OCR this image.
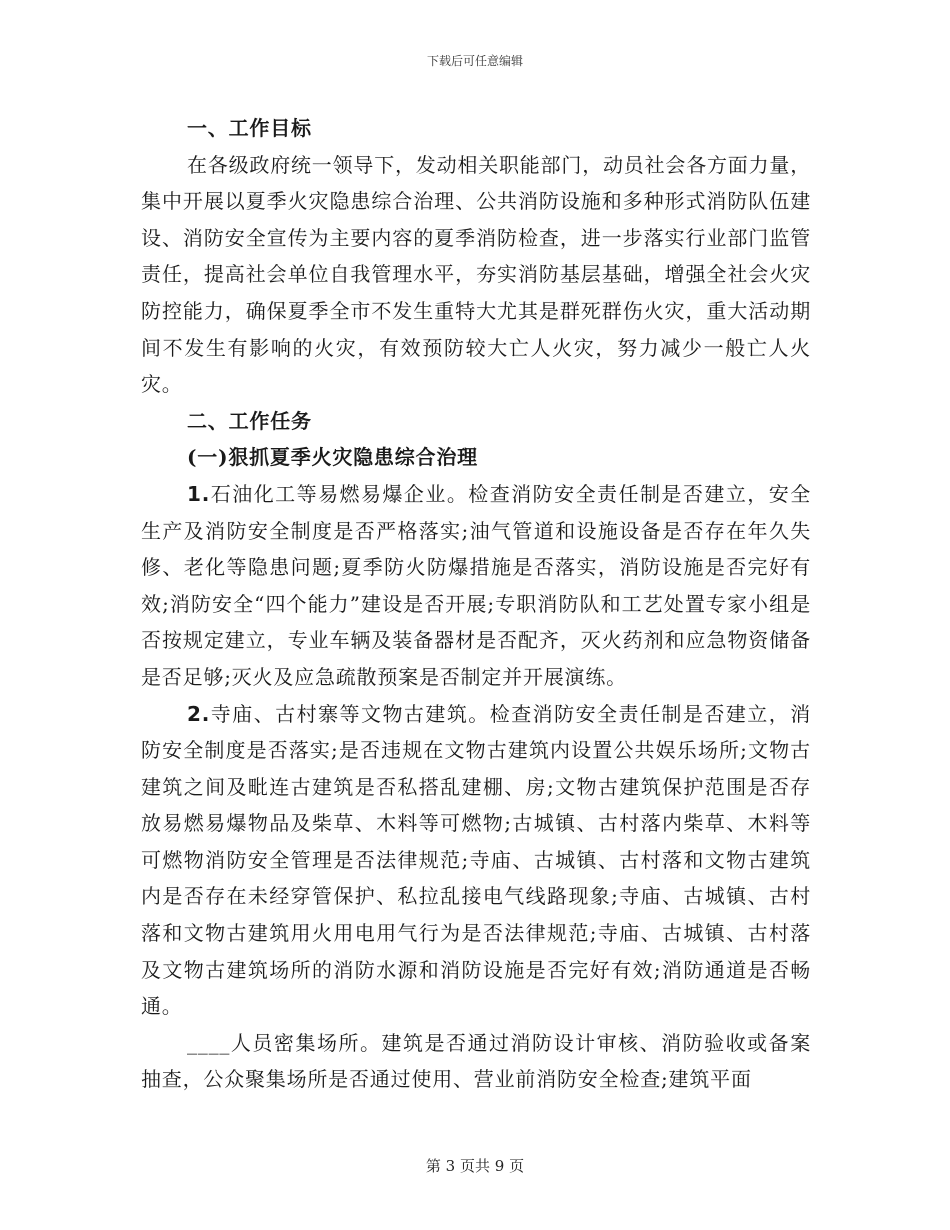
下载后可任意编辑

一、工作目标

在各级政府统一领导下，发动相关职能部门，动员社会各方面力量，集中开展以夏季火灾隐患综合治理、公共消防设施和多种形式消防队伍建设、消防安全宣传为主要内容的夏季消防检查，进一步落实行业部门监管责任，提高社会单位自我管理水平，夯实消防基层基础，增强全社会火灾防控能力，确保夏季全市不发生重特大尤其是群死群伤火灾，重大活动期间不发生有影响的火灾，有效预防较大亡人火灾，努力减少一般亡人火灾。

二、工作任务

(一)狠抓夏季火灾隐患综合治理

1.石油化工等易燃易爆企业。检查消防安全责任制是否建立，安全生产及消防安全制度是否严格落实;油气管道和设施设备是否存在年久失修、老化等隐患问题;夏季防火防爆措施是否落实，消防设施是否完好有效;消防安全“四个能力”建设是否开展;专职消防队和工艺处置专家小组是否按规定建立，专业车辆及装备器材是否配齐，灭火药剂和应急物资储备是否足够;灭火及应急疏散预案是否制定并开展演练。

2.寺庙、古村寨等文物古建筑。检查消防安全责任制是否建立，消防安全制度是否落实;是否违规在文物古建筑内设置公共娱乐场所;文物古建筑之间及毗连古建筑是否私搭乱建棚、房;文物古建筑保护范围是否存放易燃易爆物品及柴草、木料等可燃物;古城镇、古村落内柴草、木料等可燃物消防安全管理是否法律规范;寺庙、古城镇、古村落和文物古建筑内是否存在未经穿管保护、私拉乱接电气线路现象;寺庙、古城镇、古村落和文物古建筑用火用电用气行为是否法律规范;寺庙、古城镇、古村落及文物古建筑场所的消防水源和消防设施是否完好有效;消防通道是否畅通。

____人员密集场所。建筑是否通过消防设计审核、消防验收或备案抽查，公众聚集场所是否通过使用、营业前消防安全检查;建筑平面

第 3 页共 9 页
